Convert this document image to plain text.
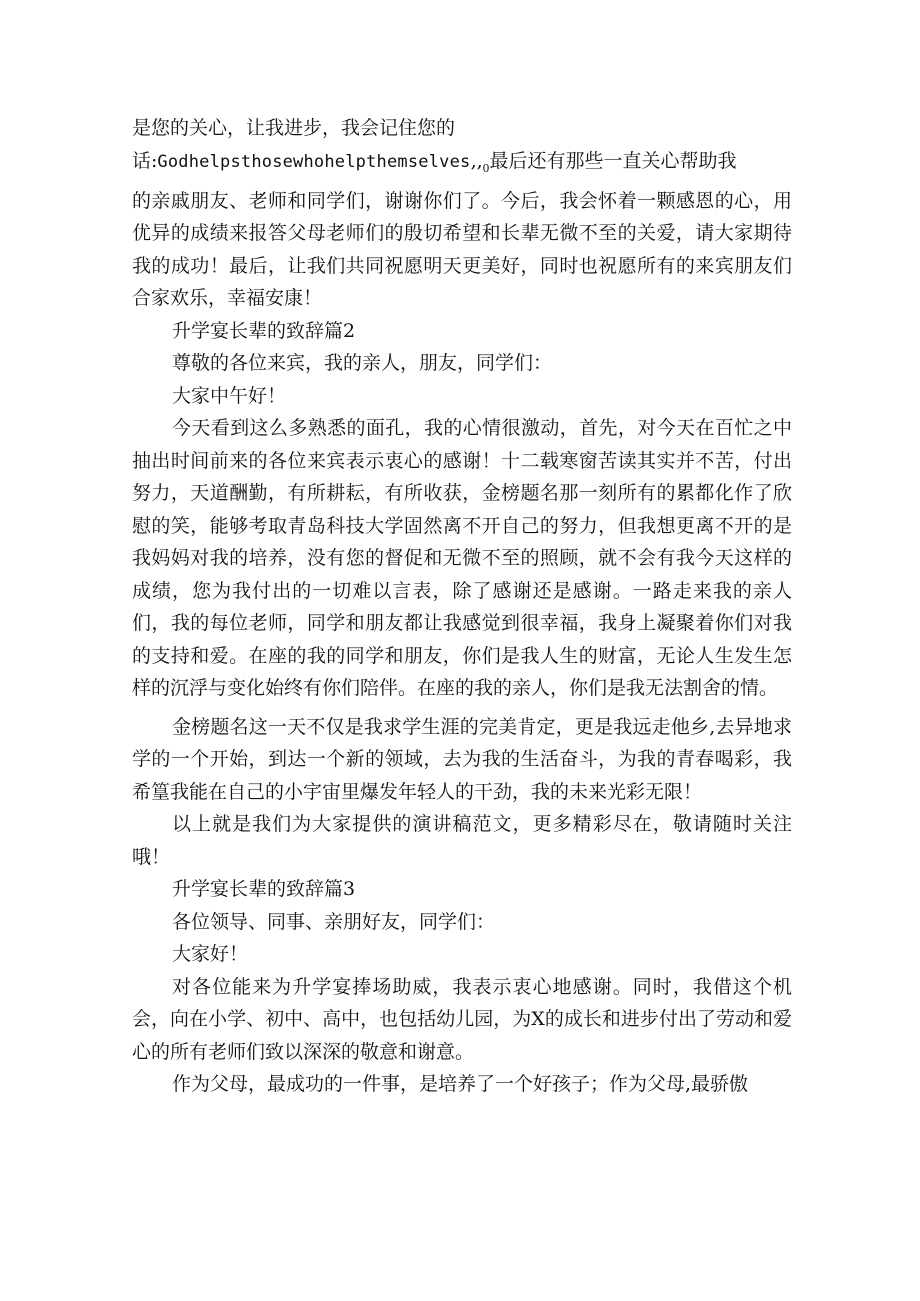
是您的关心，让我进步，我会记住您的
话$:Godhelpsthosewhohelpthemselves‚‚_0$最后还有那些一直关心帮助我
的亲戚朋友、老师和同学们，谢谢你们了。今后，我会怀着一颗感恩的心，用优异的成绩来报答父母老师们的殷切希望和长辈无微不至的关爱，请大家期待我的成功！最后，让我们共同祝愿明天更美好，同时也祝愿所有的来宾朋友们合家欢乐，幸福安康！

升学宴长辈的致辞篇2

尊敬的各位来宾，我的亲人，朋友，同学们：

大家中午好！

今天看到这么多熟悉的面孔，我的心情很激动，首先，对今天在百忙之中抽出时间前来的各位来宾表示衷心的感谢！十二载寒窗苦读其实并不苦，付出努力，天道酬勤，有所耕耘，有所收获，金榜题名那一刻所有的累都化作了欣慰的笑，能够考取青岛科技大学固然离不开自己的努力，但我想更离不开的是我妈妈对我的培养，没有您的督促和无微不至的照顾，就不会有我今天这样的成绩，您为我付出的一切难以言表，除了感谢还是感谢。一路走来我的亲人们，我的每位老师，同学和朋友都让我感觉到很幸福，我身上凝聚着你们对我的支持和爱。在座的我的同学和朋友，你们是我人生的财富，无论人生发生怎样的沉浮与变化始终有你们陪伴。在座的我的亲人，你们是我无法割舍的情。

金榜题名这一天不仅是我求学生涯的完美肯定，更是我远走他乡,去异地求学的一个开始，到达一个新的领域，去为我的生活奋斗，为我的青春喝彩，我希篁我能在自己的小宇宙里爆发年轻人的干劲，我的未来光彩无限！

以上就是我们为大家提供的演讲稿范文，更多精彩尽在，敬请随时关注哦！

升学宴长辈的致辞篇3

各位领导、同事、亲朋好友，同学们：

大家好！

对各位能来为升学宴捧场助威，我表示衷心地感谢。同时，我借这个机会，向在小学、初中、高中，也包括幼儿园，为X的成长和进步付出了劳动和爱心的所有老师们致以深深的敬意和谢意。

作为父母，最成功的一件事，是培养了一个好孩子；作为父母,最骄傲
